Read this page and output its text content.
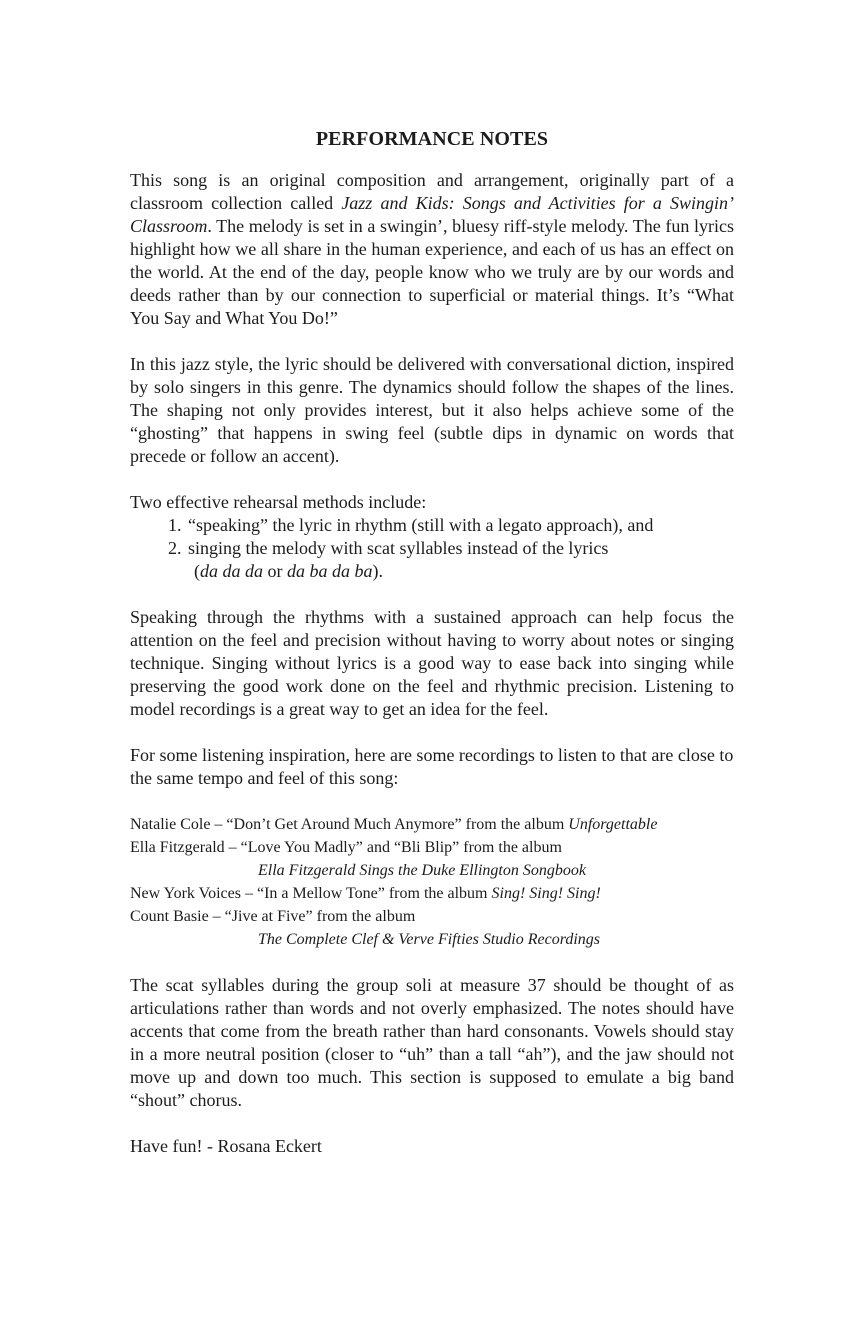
PERFORMANCE NOTES

This song is an original composition and arrangement, originally part of a classroom collection called Jazz and Kids: Songs and Activities for a Swingin’ Classroom. The melody is set in a swingin’, bluesy riff-style melody. The fun lyrics highlight how we all share in the human experience, and each of us has an effect on the world. At the end of the day, people know who we truly are by our words and deeds rather than by our connection to superficial or material things. It’s “What You Say and What You Do!”

In this jazz style, the lyric should be delivered with conversational diction, inspired by solo singers in this genre. The dynamics should follow the shapes of the lines. The shaping not only provides interest, but it also helps achieve some of the “ghosting” that happens in swing feel (subtle dips in dynamic on words that precede or follow an accent).

Two effective rehearsal methods include:

1. “speaking” the lyric in rhythm (still with a legato approach), and
2. singing the melody with scat syllables instead of the lyrics
(da da da or da ba da ba).

Speaking through the rhythms with a sustained approach can help focus the attention on the feel and precision without having to worry about notes or singing technique. Singing without lyrics is a good way to ease back into singing while preserving the good work done on the feel and rhythmic precision. Listening to model recordings is a great way to get an idea for the feel.

For some listening inspiration, here are some recordings to listen to that are close to the same tempo and feel of this song:

Natalie Cole – “Don’t Get Around Much Anymore” from the album Unforgettable
Ella Fitzgerald – “Love You Madly” and “Bli Blip” from the album
Ella Fitzgerald Sings the Duke Ellington Songbook
New York Voices – “In a Mellow Tone” from the album Sing! Sing! Sing!
Count Basie – “Jive at Five” from the album
The Complete Clef & Verve Fifties Studio Recordings

The scat syllables during the group soli at measure 37 should be thought of as articulations rather than words and not overly emphasized. The notes should have accents that come from the breath rather than hard consonants. Vowels should stay in a more neutral position (closer to “uh” than a tall “ah”), and the jaw should not move up and down too much. This section is supposed to emulate a big band “shout” chorus.

Have fun! - Rosana Eckert
